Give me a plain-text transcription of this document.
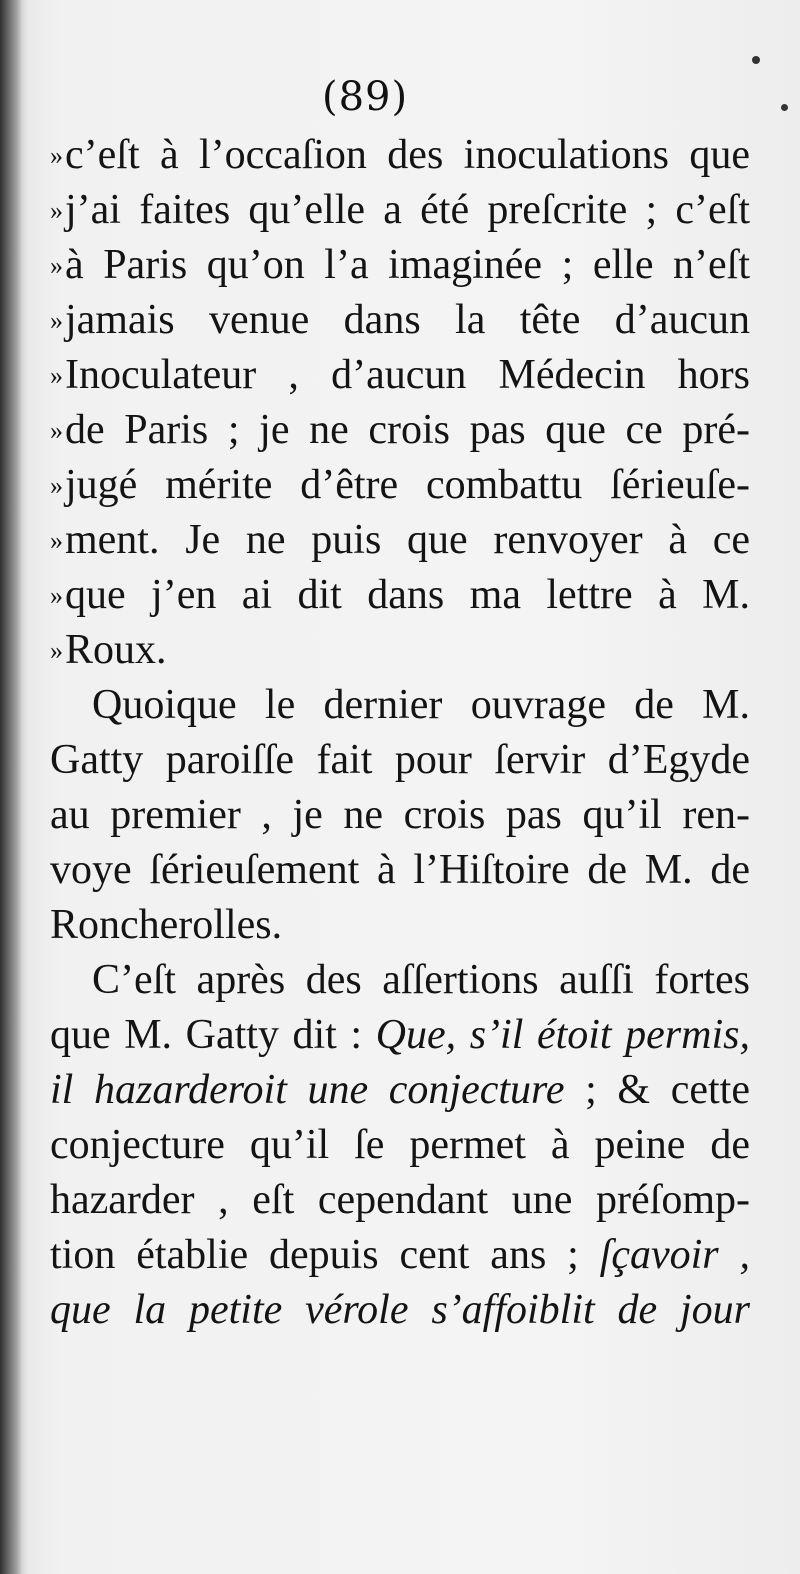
(89)
»c’eſt à l’occaſion des inoculations que
»j’ai faites qu’elle a été preſcrite ; c’eſt
»à Paris qu’on l’a imaginée ; elle n’eſt
»jamais venue dans la tête d’aucun
»Inoculateur , d’aucun Médecin hors
»de Paris ; je ne crois pas que ce pré-
»jugé mérite d’être combattu ſérieuſe-
»ment. Je ne puis que renvoyer à ce
»que j’en ai dit dans ma lettre à M.
»Roux.
Quoique le dernier ouvrage de M.
Gatty paroiſſe fait pour ſervir d’Egyde
au premier , je ne crois pas qu’il ren-
voye ſérieuſement à l’Hiſtoire de M. de
Roncherolles.
C’eſt après des aſſertions auſſi fortes
que M. Gatty dit : Que, s’il étoit permis,
il hazarderoit une conjecture ; & cette
conjecture qu’il ſe permet à peine de
hazarder , eſt cependant une préſomp-
tion établie depuis cent ans ; ſçavoir ,
que la petite vérole s’affoiblit de jour
